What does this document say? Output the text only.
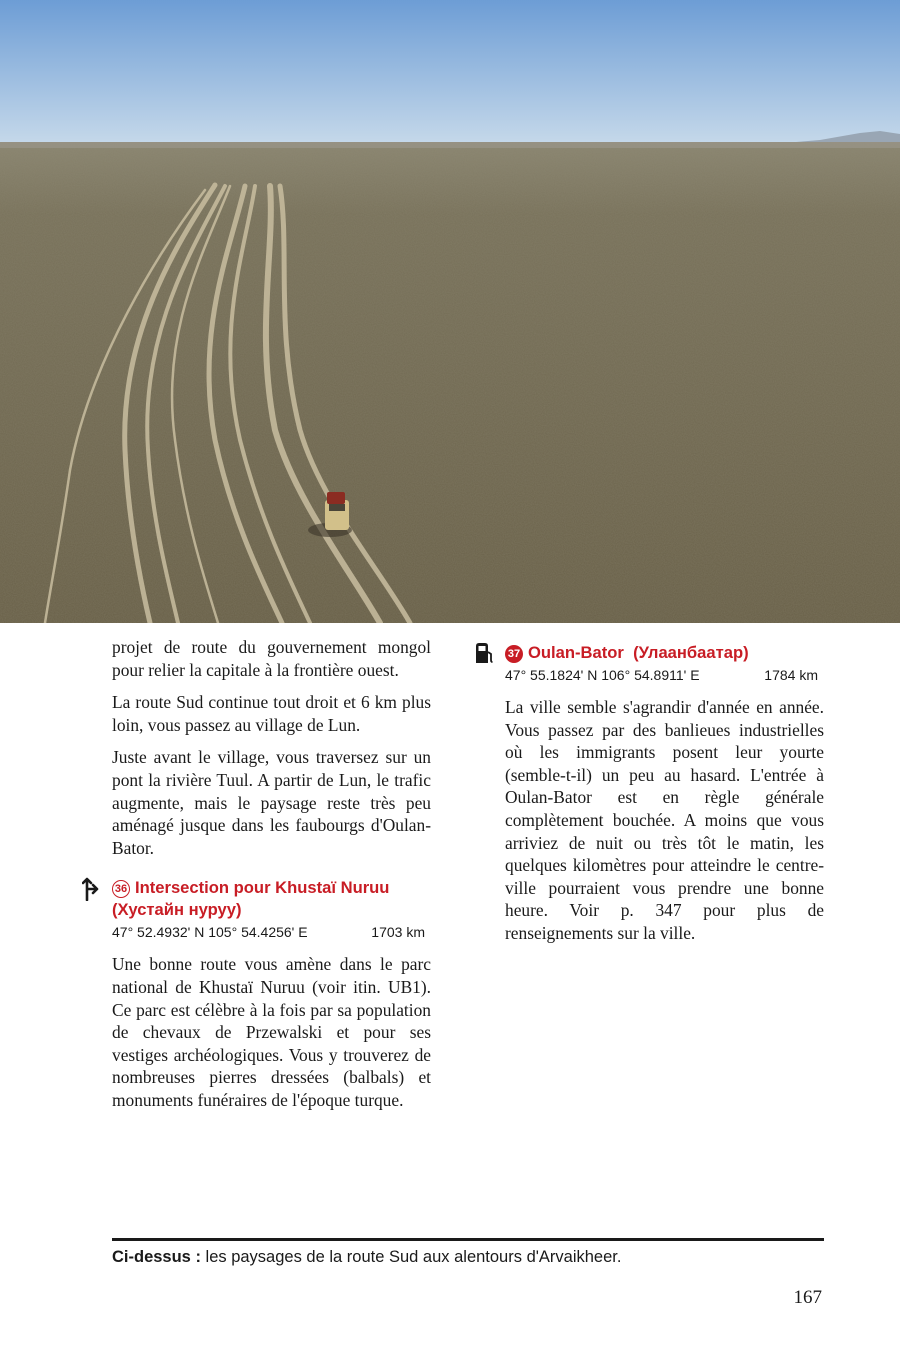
projet de route du gouvernement mongol pour relier la capitale à la frontière ouest.

La route Sud continue tout droit et 6 km plus loin, vous passez au village de Lun.

Juste avant le village, vous traversez sur un pont la rivière Tuul. A partir de Lun, le trafic augmente, mais le paysage reste très peu aménagé jusque dans les faubourgs d'Oulan-Bator.

36 Intersection pour Khustaï Nuruu (Хустайн нуруу)
47° 52.4932' N 105° 54.4256' E	1703 km

Une bonne route vous amène dans le parc national de Khustaï Nuruu (voir itin. UB1). Ce parc est célèbre à la fois par sa population de chevaux de Przewalski et pour ses vestiges archéologiques. Vous y trouverez de nombreuses pierres dressées (balbals) et monuments funéraires de l'époque turque.

37 Oulan-Bator  (Улаанбаатар)
47° 55.1824' N 106° 54.8911' E	1784 km

La ville semble s'agrandir d'année en année. Vous passez par des banlieues industrielles où les immigrants posent leur yourte (semble-t-il) un peu au hasard. L'entrée à Oulan-Bator est en règle générale complètement bouchée. A moins que vous arriviez de nuit ou très tôt le matin, les quelques kilomètres pour atteindre le centre-ville pourraient vous prendre une bonne heure. Voir p. 347 pour plus de renseignements sur la ville.

Ci-dessus : les paysages de la route Sud aux alentours d'Arvaikheer.
167
